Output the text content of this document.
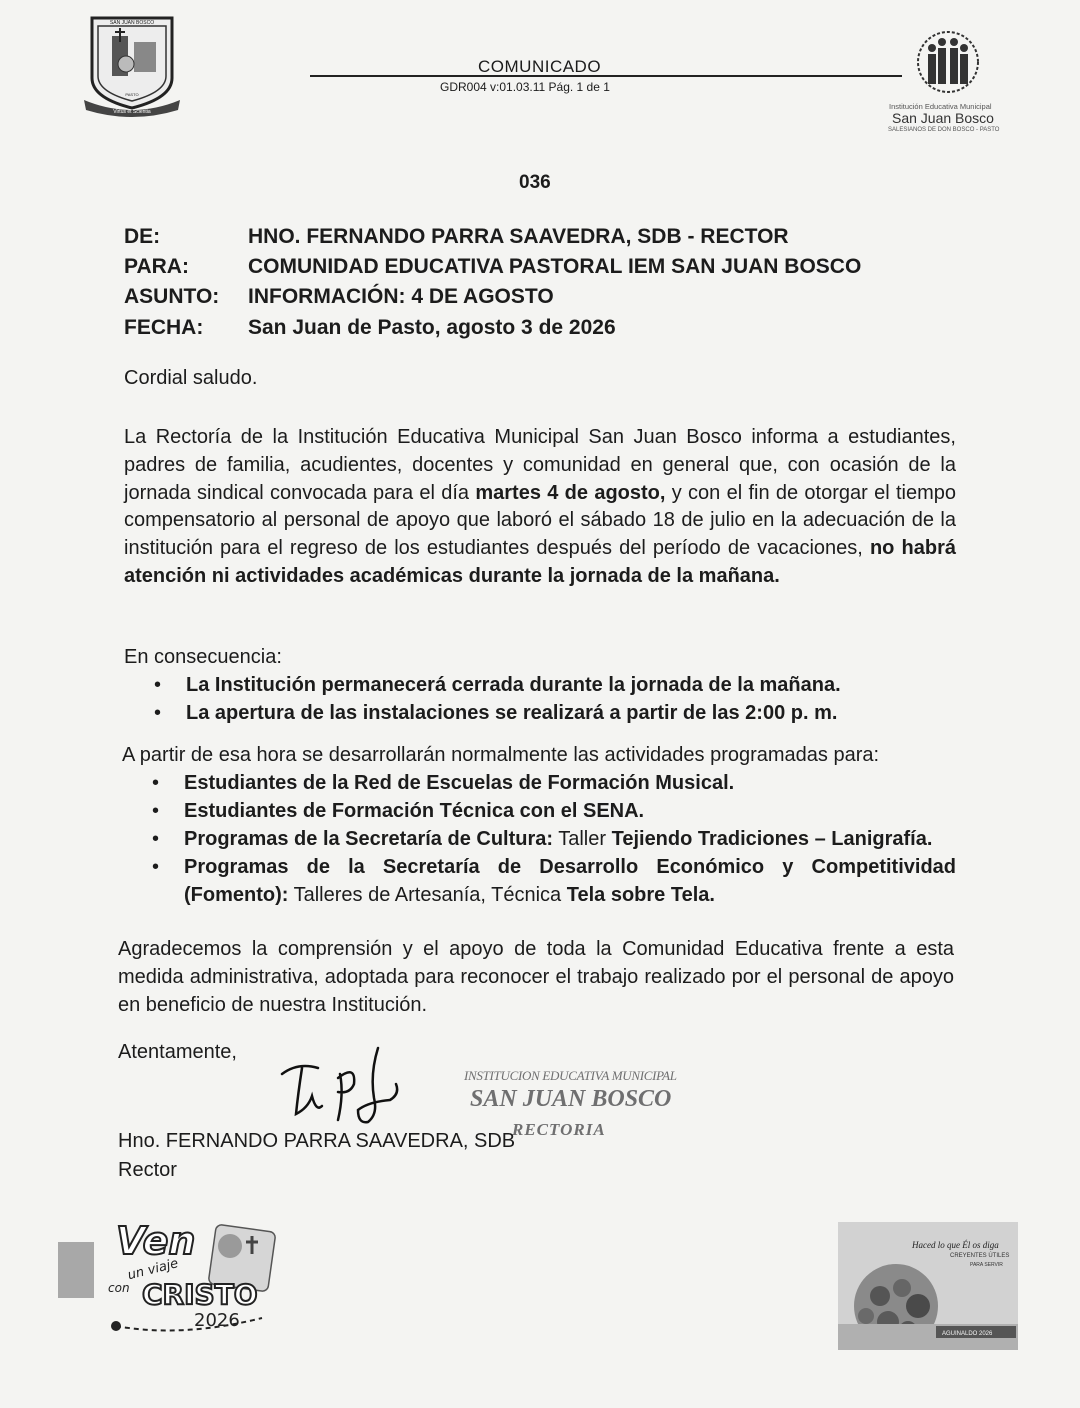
SAN JUAN BOSCO
PASTO
Virtus et Scientia
COMUNICADO
GDR004 v:01.03.11 Pág. 1 de 1
Institución Educativa Municipal
San Juan Bosco
SALESIANOS DE DON BOSCO - PASTO
036
DE:	HNO. FERNANDO PARRA SAAVEDRA, SDB - RECTOR
PARA:	COMUNIDAD EDUCATIVA PASTORAL IEM SAN JUAN BOSCO
ASUNTO: INFORMACIÓN: 4 DE AGOSTO
FECHA: San Juan de Pasto, agosto 3 de 2026
Cordial saludo.
La Rectoría de la Institución Educativa Municipal San Juan Bosco informa a estudiantes, padres de familia, acudientes, docentes y comunidad en general que, con ocasión de la jornada sindical convocada para el día martes 4 de agosto, y con el fin de otorgar el tiempo compensatorio al personal de apoyo que laboró el sábado 18 de julio en la adecuación de la institución para el regreso de los estudiantes después del período de vacaciones, no habrá atención ni actividades académicas durante la jornada de la mañana.
En consecuencia:
• La Institución permanecerá cerrada durante la jornada de la mañana.
• La apertura de las instalaciones se realizará a partir de las 2:00 p. m.
A partir de esa hora se desarrollarán normalmente las actividades programadas para:
• Estudiantes de la Red de Escuelas de Formación Musical.
• Estudiantes de Formación Técnica con el SENA.
• Programas de la Secretaría de Cultura: Taller Tejiendo Tradiciones – Lanigrafía.
• Programas de la Secretaría de Desarrollo Económico y Competitividad (Fomento): Talleres de Artesanía, Técnica Tela sobre Tela.
Agradecemos la comprensión y el apoyo de toda la Comunidad Educativa frente a esta medida administrativa, adoptada para reconocer el trabajo realizado por el personal de apoyo en beneficio de nuestra Institución.
Atentamente,
INSTITUCION EDUCATIVA MUNICIPAL
SAN JUAN BOSCO
RECTORIA
Hno. FERNANDO PARRA SAAVEDRA, SDB
Rector
Ven
un viaje
con CRISTO
2026
Haced lo que Él os diga
CREYENTES ÚTILES
PARA SERVIR
AGUINALDO 2026
